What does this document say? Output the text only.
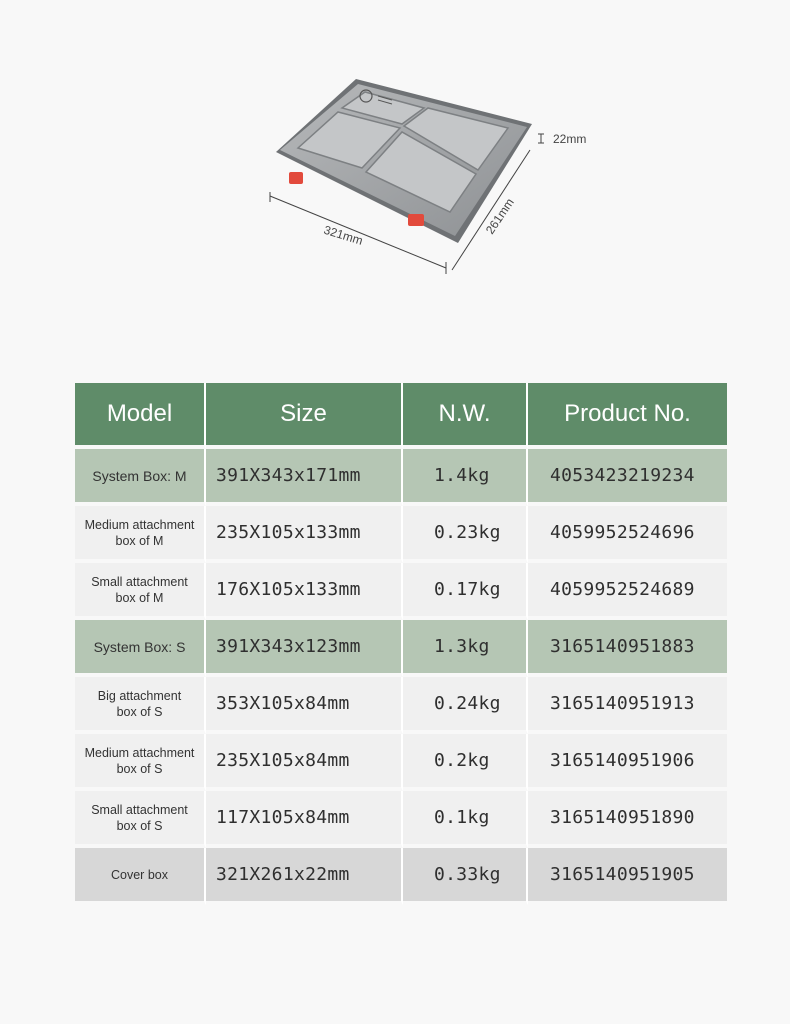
321mm	261mm
22mm
Model	Size	N.W.	Product No.
System Box: M	391X343x171mm	1.4kg	4053423219234
Medium attachment
box of M	235X105x133mm	0.23kg	4059952524696
Small attachment
box of M	176X105x133mm	0.17kg	4059952524689
System Box: S	391X343x123mm	1.3kg	3165140951883
Big attachment
box of S	353X105x84mm	0.24kg	3165140951913
Medium attachment
box of S	235X105x84mm	0.2kg	3165140951906
Small attachment
box of S	117X105x84mm	0.1kg	3165140951890
Cover box	321X261x22mm	0.33kg	3165140951905
